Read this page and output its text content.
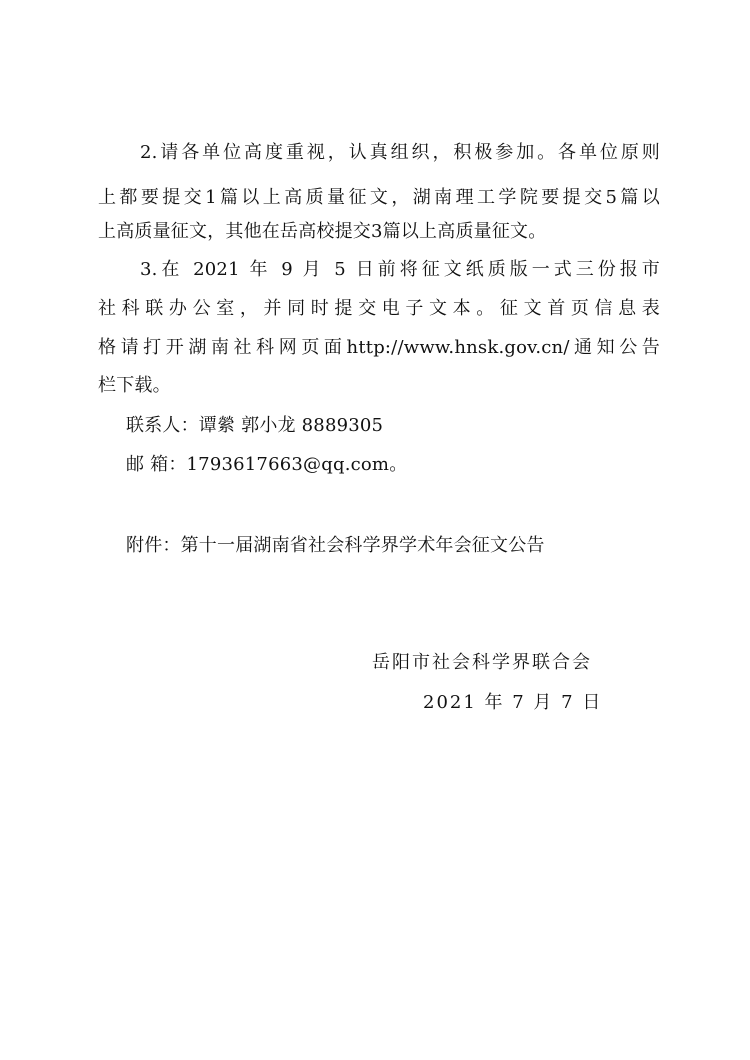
2.请各单位高度重视，认真组织，积极参加。各单位原则
上都要提交1篇以上高质量征文，湖南理工学院要提交5篇以
上高质量征文，其他在岳高校提交3篇以上高质量征文。
3.在 2021 年 9 月 5 日前将征文纸质版一式三份报市
社科联办公室，并同时提交电子文本。征文首页信息表
格请打开湖南社科网页面http://www.hnsk.gov.cn/通知公告
栏下载。
联系人：谭縈 郭小龙 8889305
邮 箱：1793617663@qq.com。
附件：第十一届湖南省社会科学界学术年会征文公告
岳阳市社会科学界联合会
2021 年 7 月 7 日
